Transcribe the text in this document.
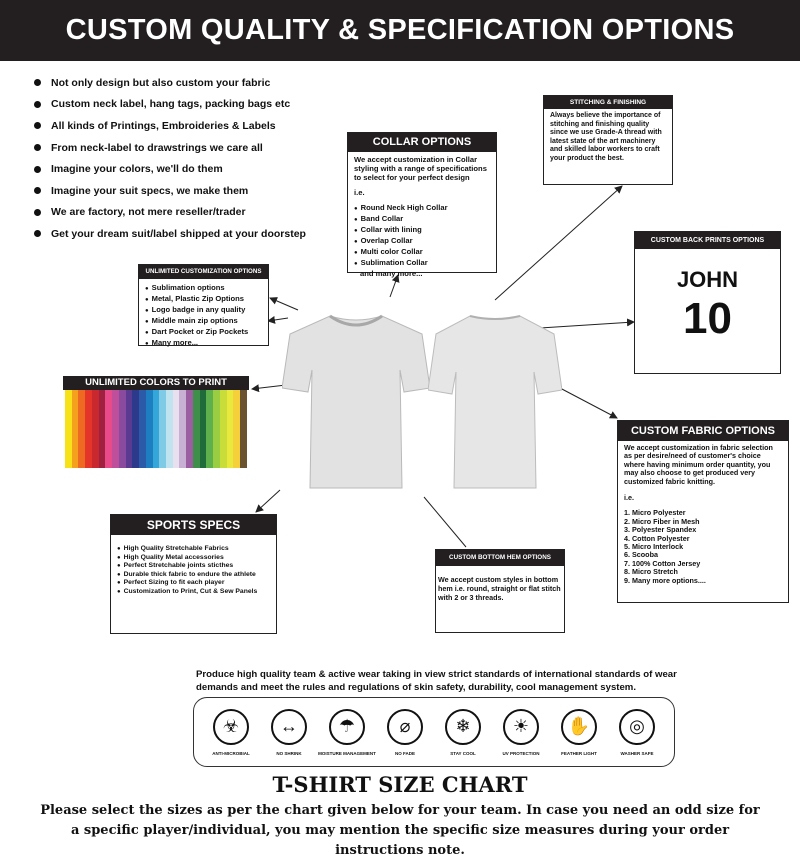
CUSTOM QUALITY & SPECIFICATION OPTIONS
Not only design but also custom your fabric
Custom neck label, hang tags, packing bags etc
All kinds of Printings, Embroideries & Labels
From neck-label to drawstrings we care all
Imagine your colors, we'll do them
Imagine your suit specs, we make them
We are factory, not mere reseller/trader
Get your dream suit/label shipped at your doorstep
STITCHING & FINISHING
Always believe the importance of stitching and finishing quality since we use Grade-A thread with latest state of the art machinery and skilled labor workers to craft your product the best.
COLLAR OPTIONS
We accept customization in Collar styling with a range of specifications to select for your perfect design
i.e.
● Round Neck High Collar
● Band Collar
● Collar with lining
● Overlap Collar
● Multi color Collar
● Sublimation Collar
and many more...
UNLIMITED CUSTOMIZATION OPTIONS
● Sublimation options
● Metal, Plastic Zip Options
● Logo badge in any quality
● Middle main zip options
● Dart Pocket or Zip Pockets
● Many more...
CUSTOM BACK PRINTS OPTIONS
JOHN
10
UNLIMITED COLORS TO PRINT
CUSTOM FABRIC OPTIONS
We accept customization in fabric selection as per desire/need of customer's choice where having minimum order quantity, you may also choose to get produced very customized fabric knitting.
i.e.
1. Micro Polyester
2. Micro Fiber in Mesh
3. Polyester Spandex
4. Cotton Polyester
5. Micro Interlock
6. Scooba
7. 100% Cotton Jersey
8. Micro Stretch
9. Many more options....
SPORTS SPECS
● High Quality Stretchable Fabrics
● High Quality Metal accessories
● Perfect Stretchable joints sticthes
● Durable thick fabric to endure the athlete
● Perfect Sizing to fit each player
● Customization to Print, Cut & Sew Panels
CUSTOM BOTTOM HEM OPTIONS
We accept custom styles in bottom hem i.e. round, straight or flat stitch with 2 or 3 threads.
Produce high quality team & active wear taking in view strict standards of international standards of wear demands and meet the rules and regulations of skin safety, durability, cool management system.
☣
ANTI-MICROBIAL
↔
NO SHRINK
☂
MOISTURE MANAGEMENT
⌀
NO FADE
❄
STAY COOL
☀
UV PROTECTION
✋
FEATHER LIGHT
◎
WASHER SAFE
T-SHIRT SIZE CHART
Please select the sizes as per the chart given below for your team. In case you need an odd size for a specific player/individual, you may mention the specific size measures during your order instructions note.
